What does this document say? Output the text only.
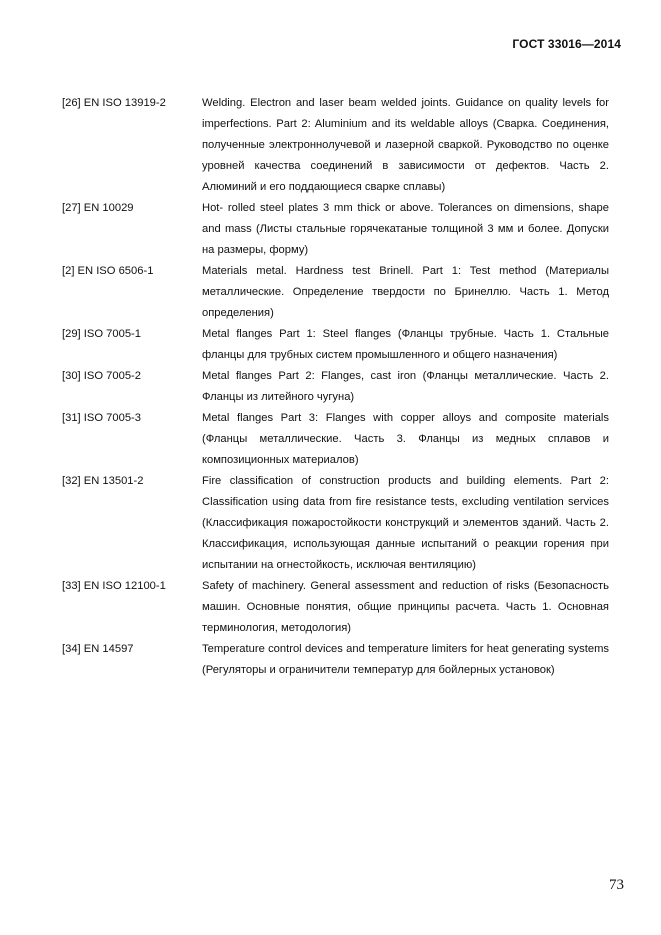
ГОСТ 33016—2014
[26] EN ISO 13919-2	Welding. Electron and laser beam welded joints. Guidance on quality levels for imperfections. Part 2: Aluminium and its weldable alloys (Сварка. Соединения, полученные электроннолучевой и лазерной сваркой. Руководство по оценке уровней качества соединений в зависимости от дефектов. Часть 2. Алюминий и его поддающиеся сварке сплавы)
[27] EN 10029	Hot- rolled steel plates 3 mm thick or above. Tolerances on dimensions, shape and mass (Листы стальные горячекатаные толщиной 3 мм и более. Допуски на размеры, форму)
[2] EN ISO 6506-1	Materials metal. Hardness test Brinell. Part 1: Test method (Материалы металлические. Определение твердости по Бринеллю. Часть 1. Метод определения)
[29] ISO 7005-1	Metal flanges Part 1: Steel flanges (Фланцы трубные. Часть 1. Стальные фланцы для трубных систем промышленного и общего назначения)
[30] ISO 7005-2	Metal flanges Part 2: Flanges, cast iron (Фланцы металлические. Часть 2. Фланцы из литейного чугуна)
[31] ISO 7005-3	Metal flanges Part 3: Flanges with copper alloys and composite materials (Фланцы металлические. Часть 3. Фланцы из медных сплавов и композиционных материалов)
[32] EN 13501-2	Fire classification of construction products and building elements. Part 2: Classification using data from fire resistance tests, excluding ventilation services (Классификация пожаростойкости конструкций и элементов зданий. Часть 2. Классификация, использующая данные испытаний о реакции горения при испытании на огнестойкость, исключая вентиляцию)
[33] EN ISO 12100-1	Safety of machinery. General assessment and reduction of risks (Безопасность машин. Основные понятия, общие принципы расчета. Часть 1. Основная терминология, методология)
[34] EN 14597	Temperature control devices and temperature limiters for heat generating systems (Регуляторы и ограничители температур для бойлерных установок)
73
